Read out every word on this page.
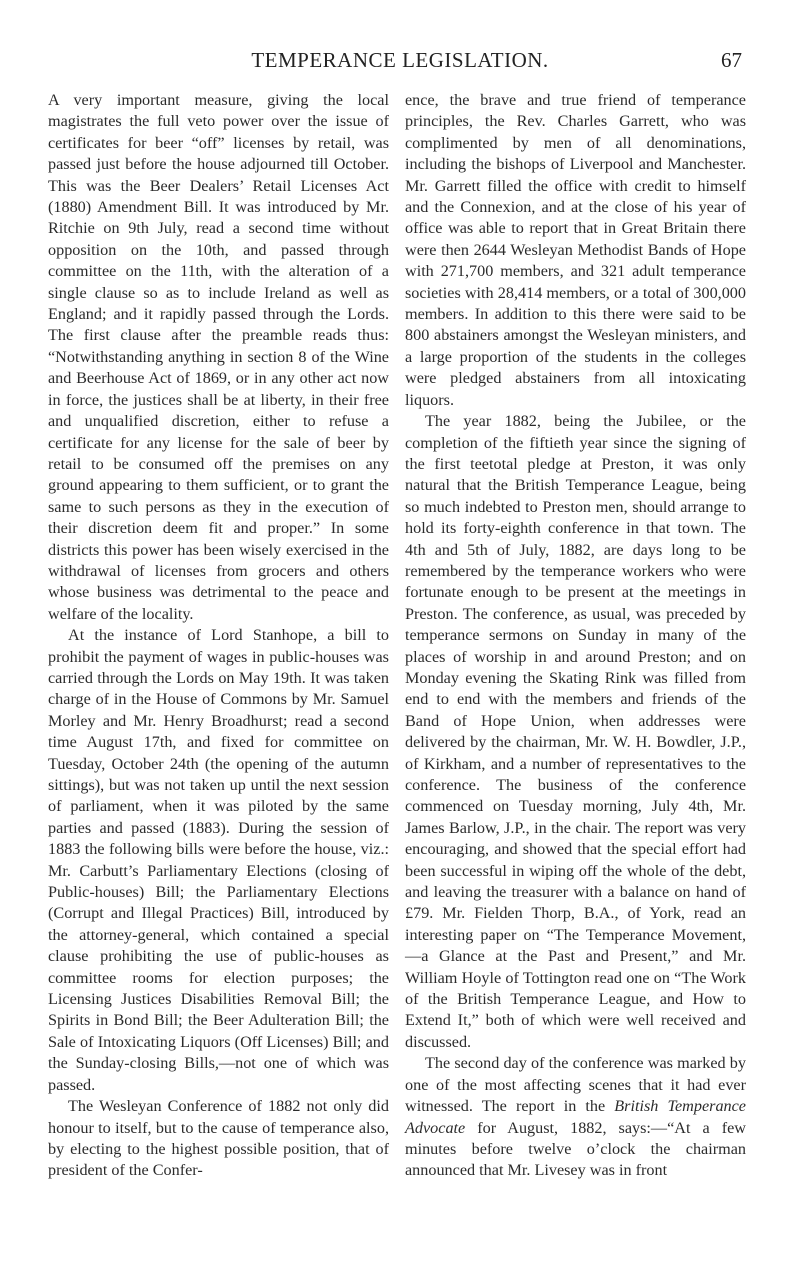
TEMPERANCE LEGISLATION.	67

A very important measure, giving the local magistrates the full veto power over the issue of certificates for beer “off” licenses by retail, was passed just before the house adjourned till October. This was the Beer Dealers’ Retail Licenses Act (1880) Amendment Bill. It was introduced by Mr. Ritchie on 9th July, read a second time without opposition on the 10th, and passed through committee on the 11th, with the alteration of a single clause so as to include Ireland as well as England; and it rapidly passed through the Lords. The first clause after the preamble reads thus: “Notwithstanding anything in section 8 of the Wine and Beerhouse Act of 1869, or in any other act now in force, the justices shall be at liberty, in their free and unqualified discretion, either to refuse a certificate for any license for the sale of beer by retail to be consumed off the premises on any ground appearing to them sufficient, or to grant the same to such persons as they in the execution of their discretion deem fit and proper.” In some districts this power has been wisely exercised in the withdrawal of licenses from grocers and others whose business was detrimental to the peace and welfare of the locality.

At the instance of Lord Stanhope, a bill to prohibit the payment of wages in public-houses was carried through the Lords on May 19th. It was taken charge of in the House of Commons by Mr. Samuel Morley and Mr. Henry Broadhurst; read a second time August 17th, and fixed for committee on Tuesday, October 24th (the opening of the autumn sittings), but was not taken up until the next session of parliament, when it was piloted by the same parties and passed (1883). During the session of 1883 the following bills were before the house, viz.: Mr. Carbutt’s Parliamentary Elections (closing of Public-houses) Bill; the Parliamentary Elections (Corrupt and Illegal Practices) Bill, introduced by the attorney-general, which contained a special clause prohibiting the use of public-houses as committee rooms for election purposes; the Licensing Justices Disabilities Removal Bill; the Spirits in Bond Bill; the Beer Adulteration Bill; the Sale of Intoxicating Liquors (Off Licenses) Bill; and the Sunday-closing Bills,—not one of which was passed.

The Wesleyan Conference of 1882 not only did honour to itself, but to the cause of temperance also, by electing to the highest possible position, that of president of the Confer-

ence, the brave and true friend of temperance principles, the Rev. Charles Garrett, who was complimented by men of all denominations, including the bishops of Liverpool and Manchester. Mr. Garrett filled the office with credit to himself and the Connexion, and at the close of his year of office was able to report that in Great Britain there were then 2644 Wesleyan Methodist Bands of Hope with 271,700 members, and 321 adult temperance societies with 28,414 members, or a total of 300,000 members. In addition to this there were said to be 800 abstainers amongst the Wesleyan ministers, and a large proportion of the students in the colleges were pledged abstainers from all intoxicating liquors.

The year 1882, being the Jubilee, or the completion of the fiftieth year since the signing of the first teetotal pledge at Preston, it was only natural that the British Temperance League, being so much indebted to Preston men, should arrange to hold its forty-eighth conference in that town. The 4th and 5th of July, 1882, are days long to be remembered by the temperance workers who were fortunate enough to be present at the meetings in Preston. The conference, as usual, was preceded by temperance sermons on Sunday in many of the places of worship in and around Preston; and on Monday evening the Skating Rink was filled from end to end with the members and friends of the Band of Hope Union, when addresses were delivered by the chairman, Mr. W. H. Bowdler, J.P., of Kirkham, and a number of representatives to the conference. The business of the conference commenced on Tuesday morning, July 4th, Mr. James Barlow, J.P., in the chair. The report was very encouraging, and showed that the special effort had been successful in wiping off the whole of the debt, and leaving the treasurer with a balance on hand of £79. Mr. Fielden Thorp, B.A., of York, read an interesting paper on “The Temperance Movement,—a Glance at the Past and Present,” and Mr. William Hoyle of Tottington read one on “The Work of the British Temperance League, and How to Extend It,” both of which were well received and discussed.

The second day of the conference was marked by one of the most affecting scenes that it had ever witnessed. The report in the British Temperance Advocate for August, 1882, says:—“At a few minutes before twelve o’clock the chairman announced that Mr. Livesey was in front
